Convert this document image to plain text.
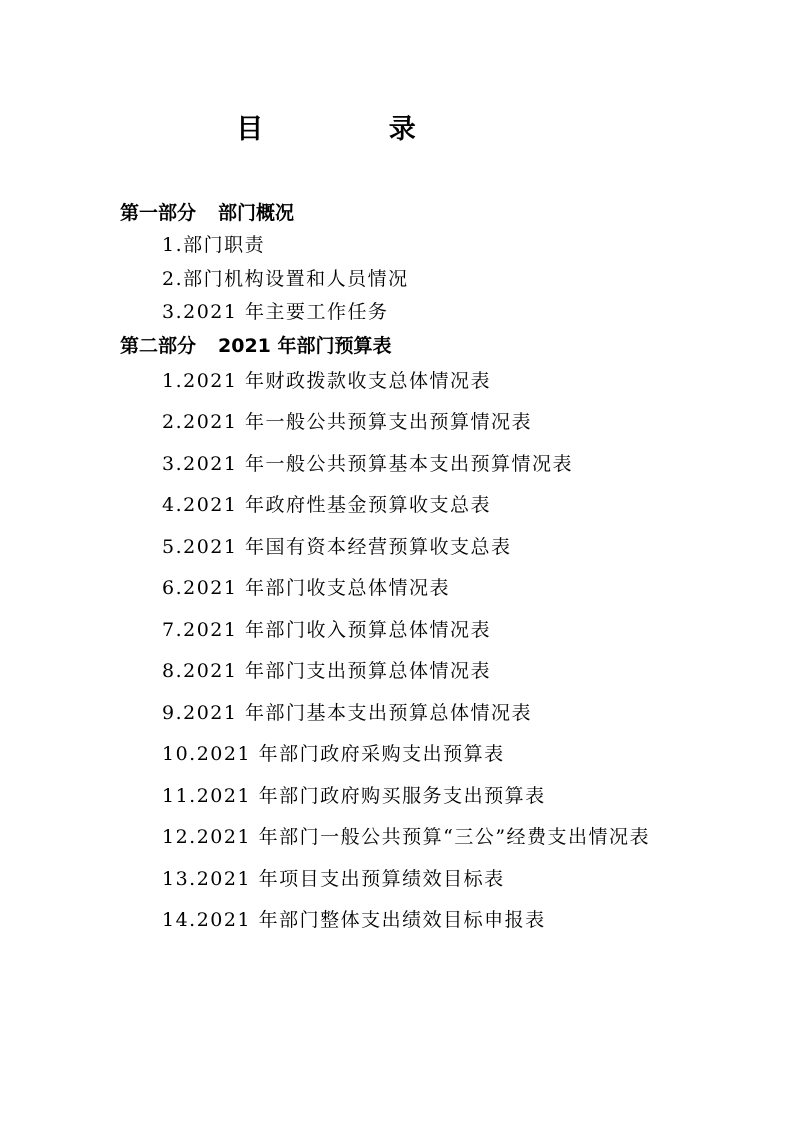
目 录
第一部分 部门概况
1.部门职责
2.部门机构设置和人员情况
3.2021 年主要工作任务
第二部分 2021 年部门预算表
1.2021 年财政拨款收支总体情况表
2.2021 年一般公共预算支出预算情况表
3.2021 年一般公共预算基本支出预算情况表
4.2021 年政府性基金预算收支总表
5.2021 年国有资本经营预算收支总表
6.2021 年部门收支总体情况表
7.2021 年部门收入预算总体情况表
8.2021 年部门支出预算总体情况表
9.2021 年部门基本支出预算总体情况表
10.2021 年部门政府采购支出预算表
11.2021 年部门政府购买服务支出预算表
12.2021 年部门一般公共预算“三公”经费支出情况表
13.2021 年项目支出预算绩效目标表
14.2021 年部门整体支出绩效目标申报表
